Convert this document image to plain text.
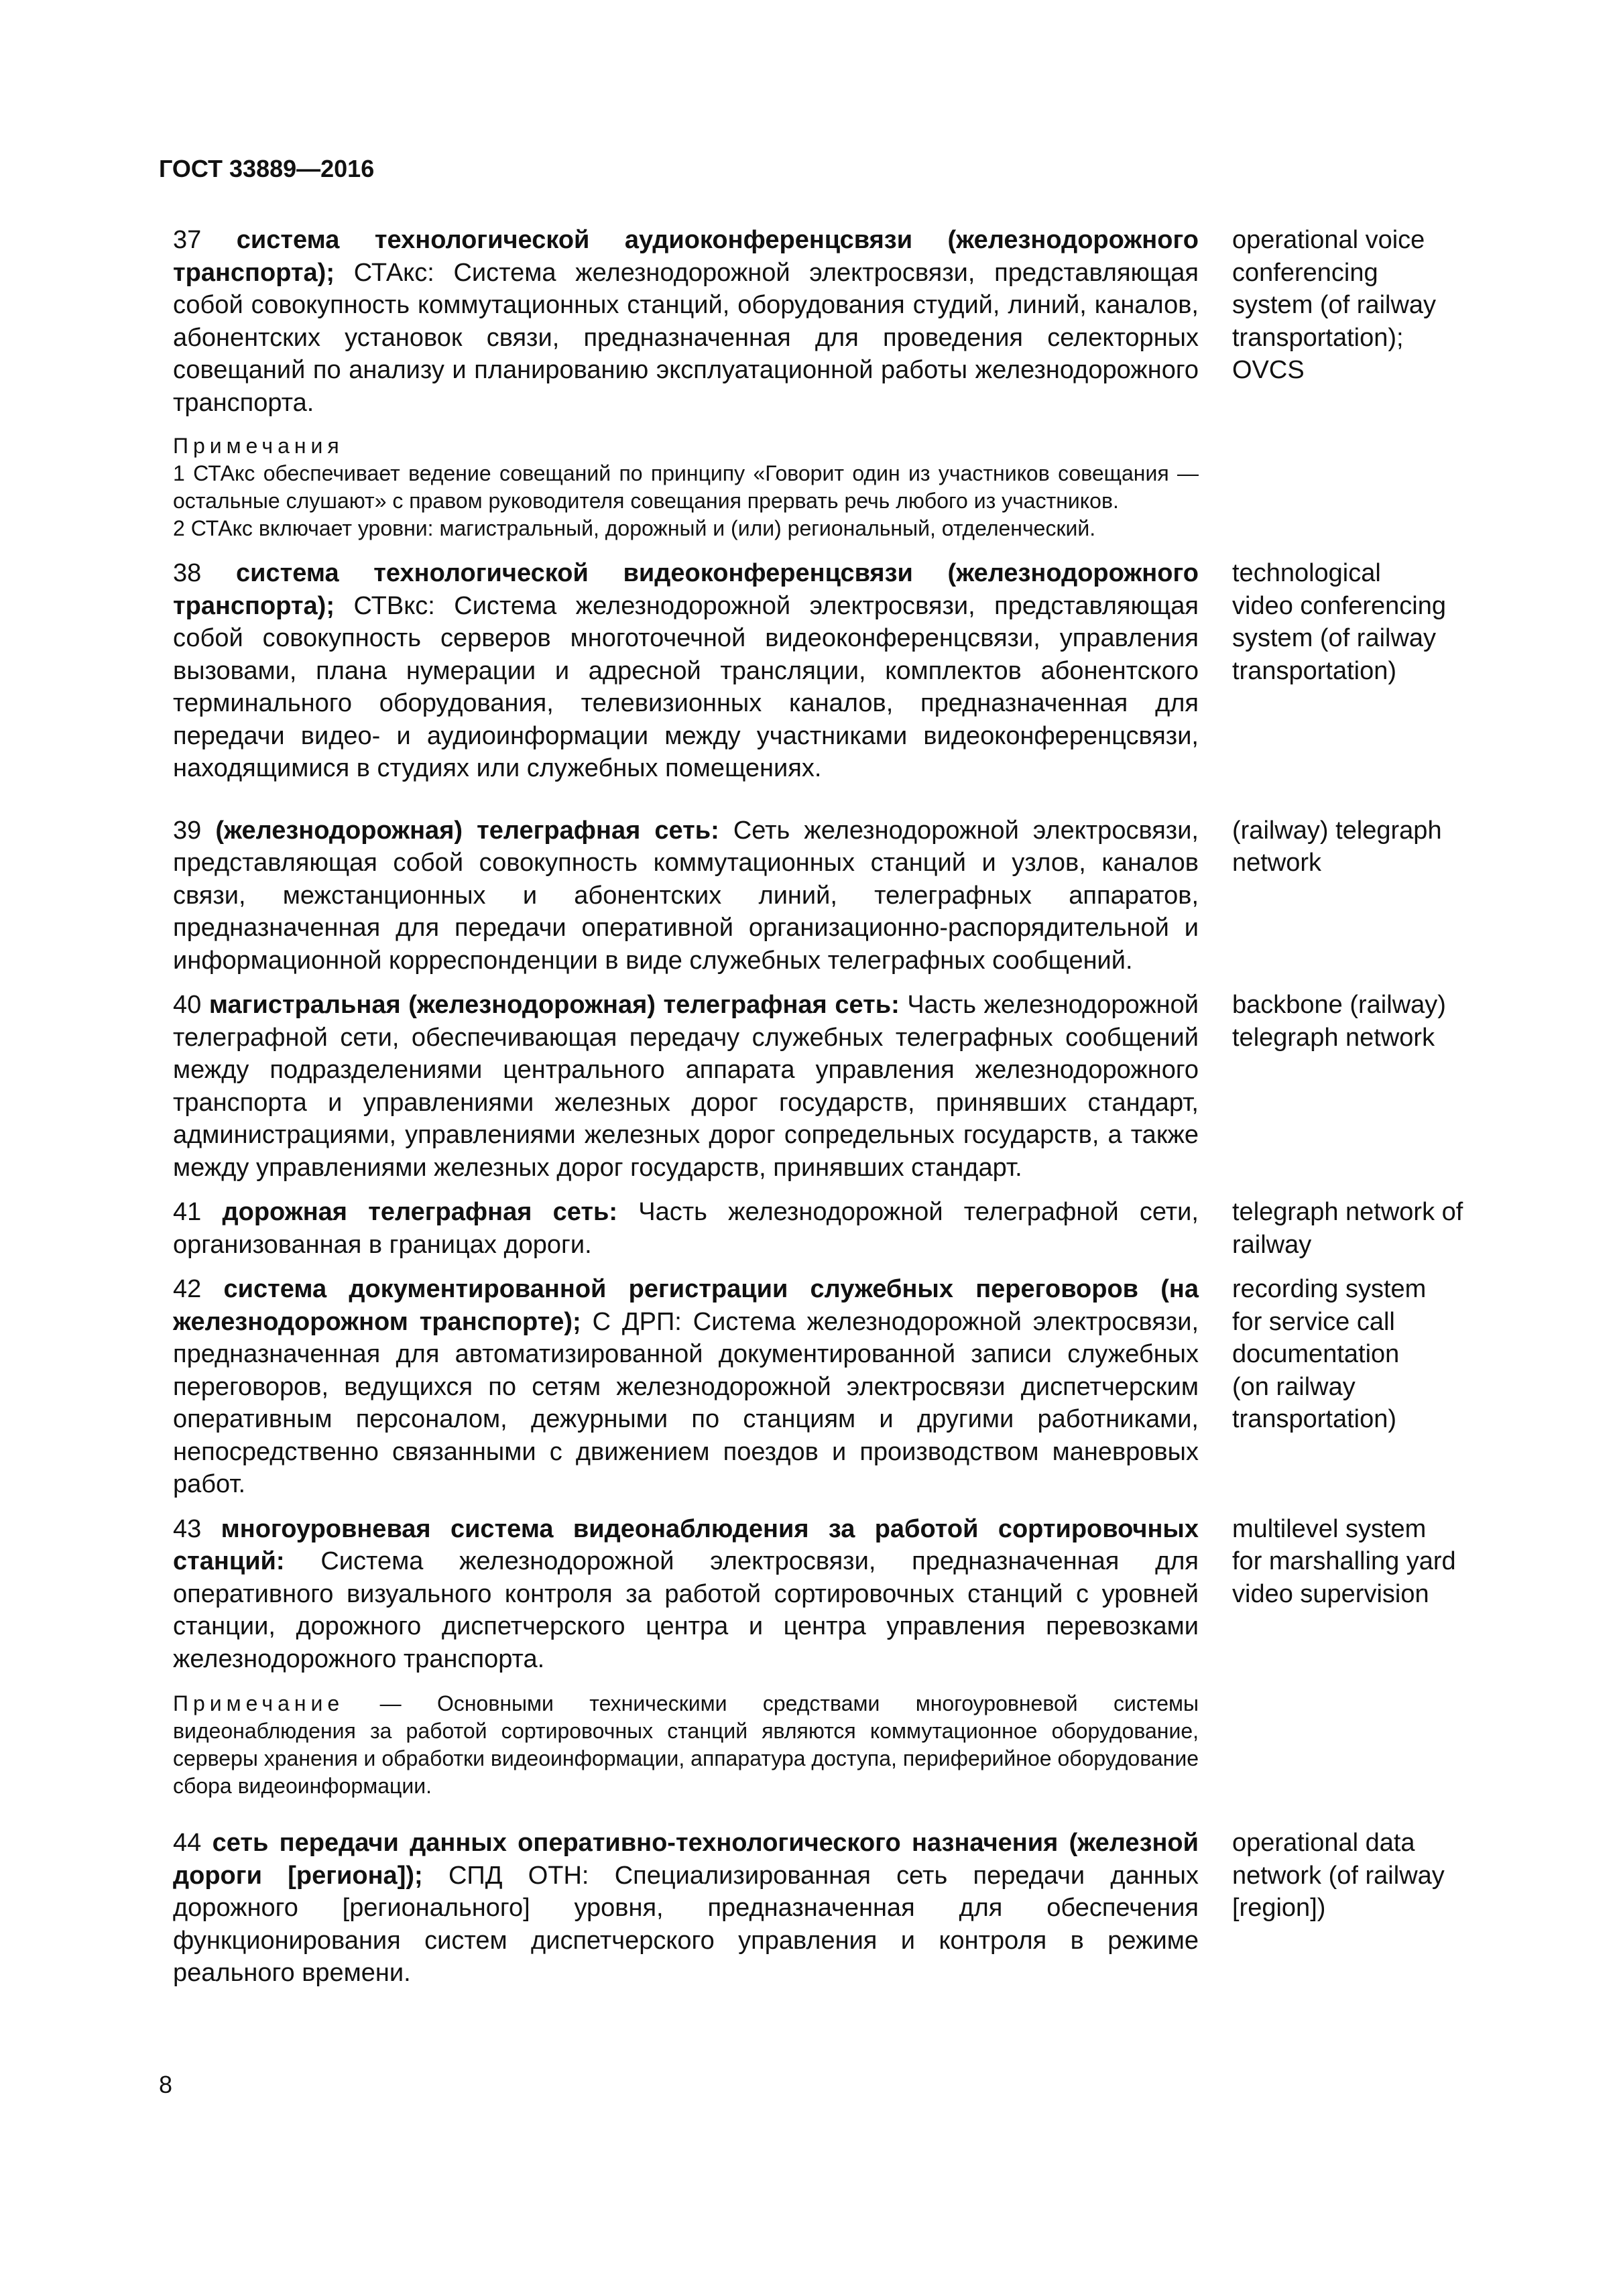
ГОСТ 33889—2016
37 система технологической аудиоконференцсвязи (железнодорожного транспорта); СТАкс: Система железнодорожной электросвязи, представляющая собой совокупность коммутационных станций, оборудования студий, линий, каналов, абонентских установок связи, предназначенная для проведения селекторных совещаний по анализу и планированию эксплуатационной работы железнодорожного транспорта.
operational voice
conferencing
system (of railway
transportation);
OVCS

Примечания

1 СТАкс обеспечивает ведение совещаний по принципу «Говорит один из участников совещания — остальные слушают» с правом руководителя совещания прервать речь любого из участников.

2 СТАкс включает уровни: магистральный, дорожный и (или) региональный, отделенческий.

38 система технологической видеоконференцсвязи (железнодорожного транспорта); СТВкс: Система железнодорожной электросвязи, представляющая собой совокупность серверов многоточечной видеоконференцсвязи, управления вызовами, плана нумерации и адресной трансляции, комплектов абонентского терминального оборудования, телевизионных каналов, предназначенная для передачи видео- и аудиоинформации между участниками видеоконференцсвязи, находящимися в студиях или служебных помещениях.
technological
video conferencing
system (of railway
transportation)
39 (железнодорожная) телеграфная сеть: Сеть железнодорожной электросвязи, представляющая собой совокупность коммутационных станций и узлов, каналов связи, межстанционных и абонентских линий, телеграфных аппаратов, предназначенная для передачи оперативной организационно-распорядительной и информационной корреспонденции в виде служебных телеграфных сообщений.
(railway) telegraph
network
40 магистральная (железнодорожная) телеграфная сеть: Часть железнодорожной телеграфной сети, обеспечивающая передачу служебных телеграфных сообщений между подразделениями центрального аппарата управления железнодорожного транспорта и управлениями железных дорог государств, принявших стандарт, администрациями, управлениями железных дорог сопредельных государств, а также между управлениями железных дорог государств, принявших стандарт.
backbone (railway)
telegraph network
41 дорожная телеграфная сеть: Часть железнодорожной телеграфной сети, организованная в границах дороги.
telegraph network of
railway
42 система документированной регистрации служебных переговоров (на железнодорожном транспорте); С ДРП: Система железнодорожной электросвязи, предназначенная для автоматизированной документированной записи служебных переговоров, ведущихся по сетям железнодорожной электросвязи диспетчерским оперативным персоналом, дежурными по станциям и другими работниками, непосредственно связанными с движением поездов и производством маневровых работ.
recording system
for service call
documentation
(on railway
transportation)
43 многоуровневая система видеонаблюдения за работой сортировочных станций: Система железнодорожной электросвязи, предназначенная для оперативного визуального контроля за работой сортировочных станций с уровней станции, дорожного диспетчерского центра и центра управления перевозками железнодорожного транспорта.
multilevel system
for marshalling yard
video supervision

Примечание — Основными техническими средствами многоуровневой системы видеонаблюдения за работой сортировочных станций являются коммутационное оборудование, серверы хранения и обработки видеоинформации, аппаратура доступа, периферийное оборудование сбора видеоинформации.

44 сеть передачи данных оперативно-технологического назначения (железной дороги [региона]); СПД ОТН: Специализированная сеть передачи данных дорожного [регионального] уровня, предназначенная для обеспечения функционирования систем диспетчерского управления и контроля в режиме реального времени.
operational data
network (of railway
[region])
8
